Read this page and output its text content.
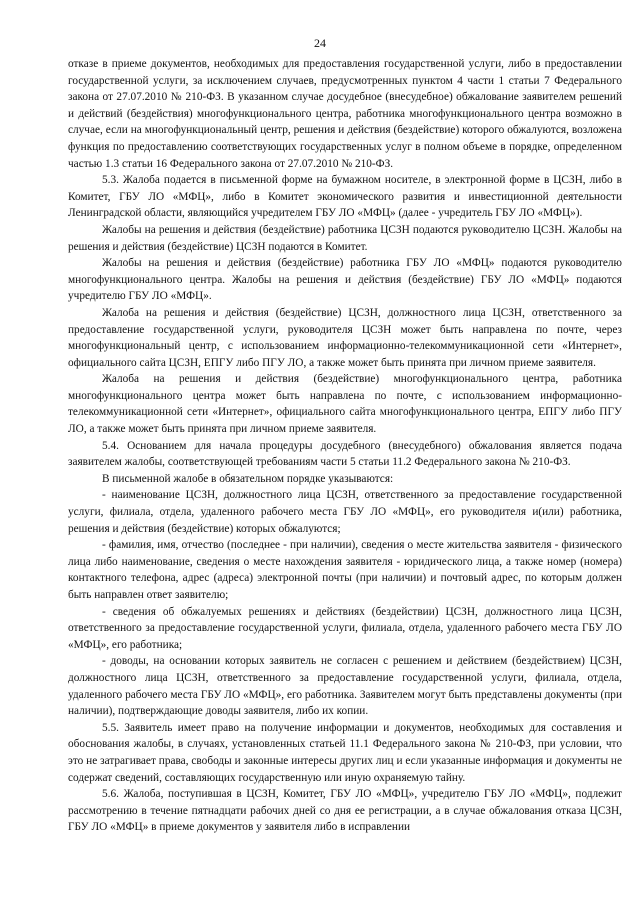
24

отказе в приеме документов, необходимых для предоставления государственной услуги, либо в предоставлении государственной услуги, за исключением случаев, предусмотренных пунктом 4 части 1 статьи 7 Федерального закона от 27.07.2010 № 210-ФЗ. В указанном случае досудебное (внесудебное) обжалование заявителем решений и действий (бездействия) многофункционального центра, работника многофункционального центра возможно в случае, если на многофункциональный центр, решения и действия (бездействие) которого обжалуются, возложена функция по предоставлению соответствующих государственных услуг в полном объеме в порядке, определенном частью 1.3 статьи 16 Федерального закона от 27.07.2010 № 210-ФЗ.

5.3. Жалоба подается в письменной форме на бумажном носителе, в электронной форме в ЦСЗН, либо в Комитет, ГБУ ЛО «МФЦ», либо в Комитет экономического развития и инвестиционной деятельности Ленинградской области, являющийся учредителем ГБУ ЛО «МФЦ» (далее - учредитель ГБУ ЛО «МФЦ»).

Жалобы на решения и действия (бездействие) работника ЦСЗН подаются руководителю ЦСЗН. Жалобы на решения и действия (бездействие) ЦСЗН подаются в Комитет.

Жалобы на решения и действия (бездействие) работника ГБУ ЛО «МФЦ» подаются руководителю многофункционального центра. Жалобы на решения и действия (бездействие) ГБУ ЛО «МФЦ» подаются учредителю ГБУ ЛО «МФЦ».

Жалоба на решения и действия (бездействие) ЦСЗН, должностного лица ЦСЗН, ответственного за предоставление государственной услуги, руководителя ЦСЗН может быть направлена по почте, через многофункциональный центр, с использованием информационно-телекоммуникационной сети «Интернет», официального сайта ЦСЗН, ЕПГУ либо ПГУ ЛО, а также может быть принята при личном приеме заявителя.

Жалоба на решения и действия (бездействие) многофункционального центра, работника многофункционального центра может быть направлена по почте, с использованием информационно-телекоммуникационной сети «Интернет», официального сайта многофункционального центра, ЕПГУ либо ПГУ ЛО, а также может быть принята при личном приеме заявителя.

5.4. Основанием для начала процедуры досудебного (внесудебного) обжалования является подача заявителем жалобы, соответствующей требованиям части 5 статьи 11.2 Федерального закона № 210-ФЗ.

В письменной жалобе в обязательном порядке указываются:

- наименование ЦСЗН, должностного лица ЦСЗН, ответственного за предоставление государственной услуги, филиала, отдела, удаленного рабочего места ГБУ ЛО «МФЦ», его руководителя и(или) работника, решения и действия (бездействие) которых обжалуются;

- фамилия, имя, отчество (последнее - при наличии), сведения о месте жительства заявителя - физического лица либо наименование, сведения о месте нахождения заявителя - юридического лица, а также номер (номера) контактного телефона, адрес (адреса) электронной почты (при наличии) и почтовый адрес, по которым должен быть направлен ответ заявителю;

- сведения об обжалуемых решениях и действиях (бездействии) ЦСЗН, должностного лица ЦСЗН, ответственного за предоставление государственной услуги, филиала, отдела, удаленного рабочего места ГБУ ЛО «МФЦ», его работника;

- доводы, на основании которых заявитель не согласен с решением и действием (бездействием) ЦСЗН, должностного лица ЦСЗН, ответственного за предоставление государственной услуги, филиала, отдела, удаленного рабочего места ГБУ ЛО «МФЦ», его работника. Заявителем могут быть представлены документы (при наличии), подтверждающие доводы заявителя, либо их копии.

5.5. Заявитель имеет право на получение информации и документов, необходимых для составления и обоснования жалобы, в случаях, установленных статьей 11.1 Федерального закона № 210-ФЗ, при условии, что это не затрагивает права, свободы и законные интересы других лиц и если указанные информация и документы не содержат сведений, составляющих государственную или иную охраняемую тайну.

5.6. Жалоба, поступившая в ЦСЗН, Комитет, ГБУ ЛО «МФЦ», учредителю ГБУ ЛО «МФЦ», подлежит рассмотрению в течение пятнадцати рабочих дней со дня ее регистрации, а в случае обжалования отказа ЦСЗН, ГБУ ЛО «МФЦ» в приеме документов у заявителя либо в исправлении
